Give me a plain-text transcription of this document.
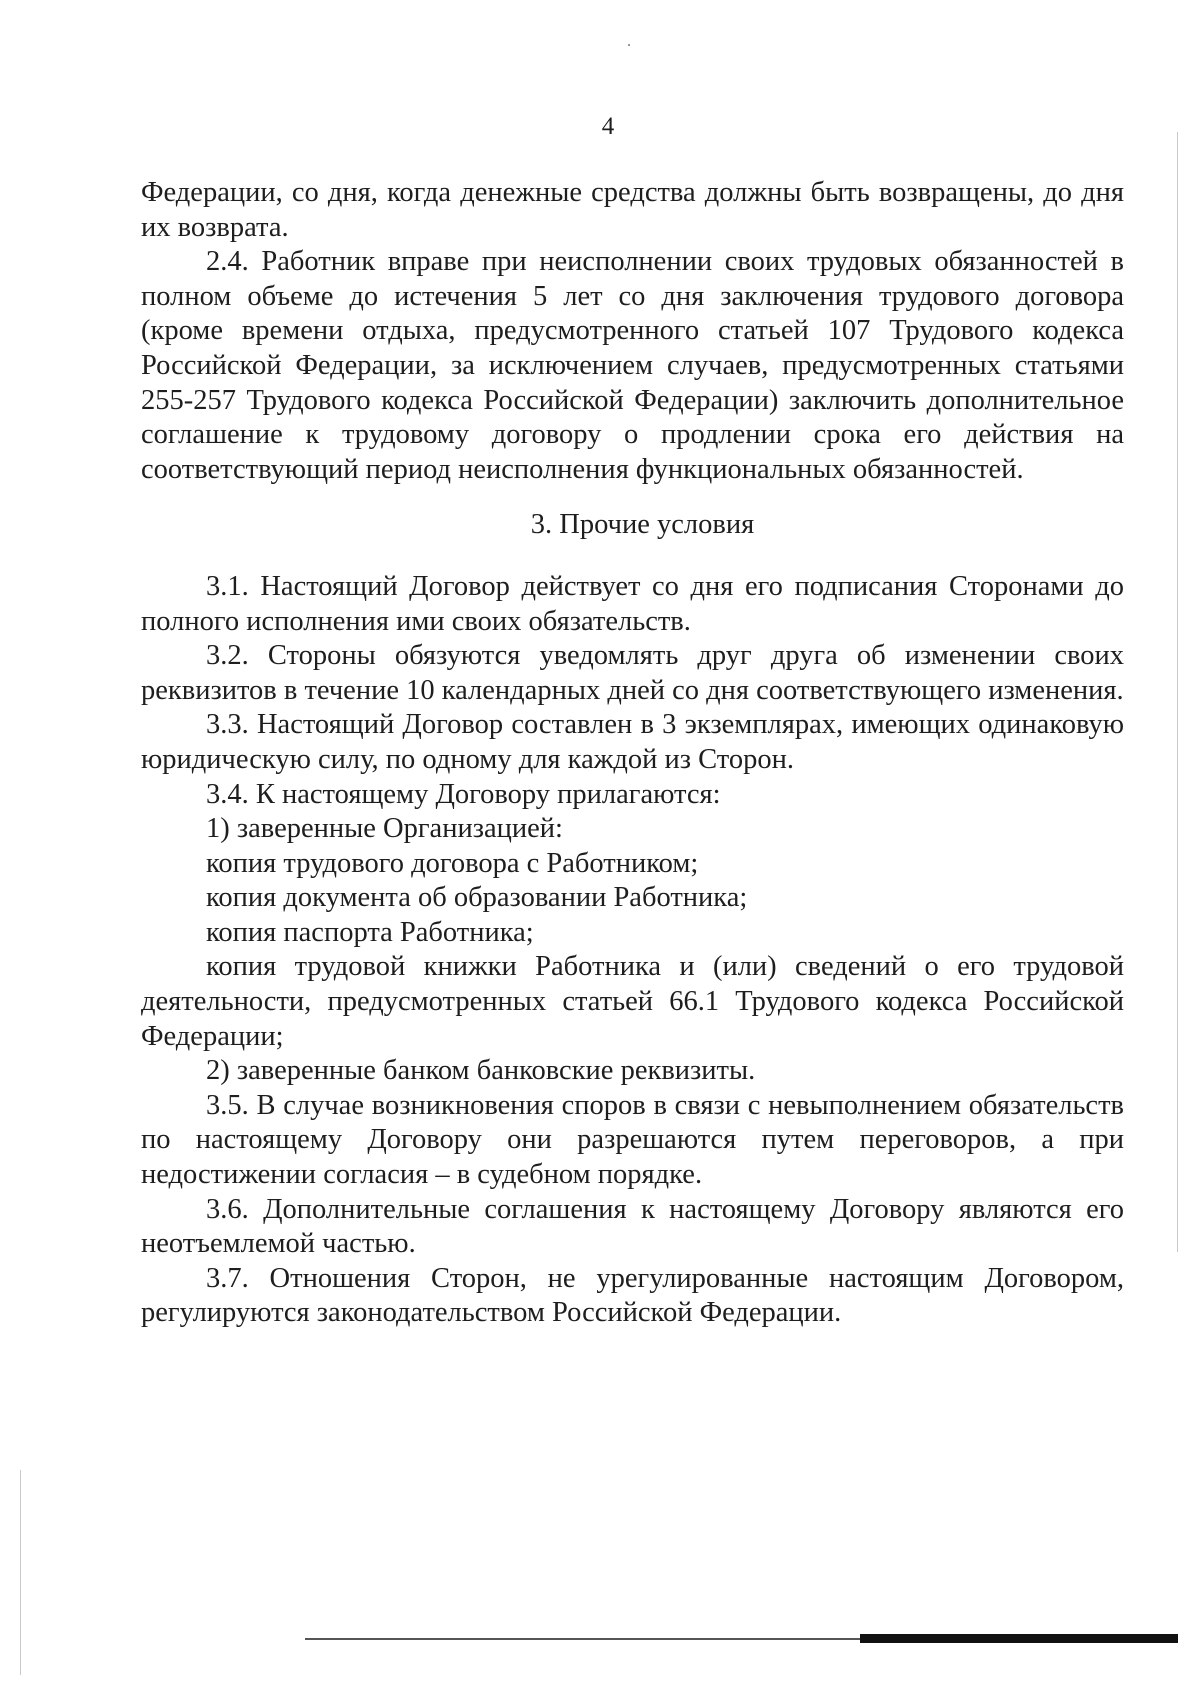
4

Федерации, со дня, когда денежные средства должны быть возвращены, до дня их возврата.

2.4. Работник вправе при неисполнении своих трудовых обязанностей в полном объеме до истечения 5 лет со дня заключения трудового договора (кроме времени отдыха, предусмотренного статьей 107 Трудового кодекса Российской Федерации, за исключением случаев, предусмотренных статьями 255-257 Трудового кодекса Российской Федерации) заключить дополнительное соглашение к трудовому договору о продлении срока его действия на соответствующий период неисполнения функциональных обязанностей.

3. Прочие условия

3.1. Настоящий Договор действует со дня его подписания Сторонами до полного исполнения ими своих обязательств.

3.2. Стороны обязуются уведомлять друг друга об изменении своих реквизитов в течение 10 календарных дней со дня соответствующего изменения.

3.3. Настоящий Договор составлен в 3 экземплярах, имеющих одинаковую юридическую силу, по одному для каждой из Сторон.

3.4. К настоящему Договору прилагаются:

1) заверенные Организацией:

копия трудового договора с Работником;

копия документа об образовании Работника;

копия паспорта Работника;

копия трудовой книжки Работника и (или) сведений о его трудовой деятельности, предусмотренных статьей 66.1 Трудового кодекса Российской Федерации;

2) заверенные банком банковские реквизиты.

3.5. В случае возникновения споров в связи с невыполнением обязательств по настоящему Договору они разрешаются путем переговоров, а при недостижении согласия – в судебном порядке.

3.6. Дополнительные соглашения к настоящему Договору являются его неотъемлемой частью.

3.7. Отношения Сторон, не урегулированные настоящим Договором, регулируются законодательством Российской Федерации.
